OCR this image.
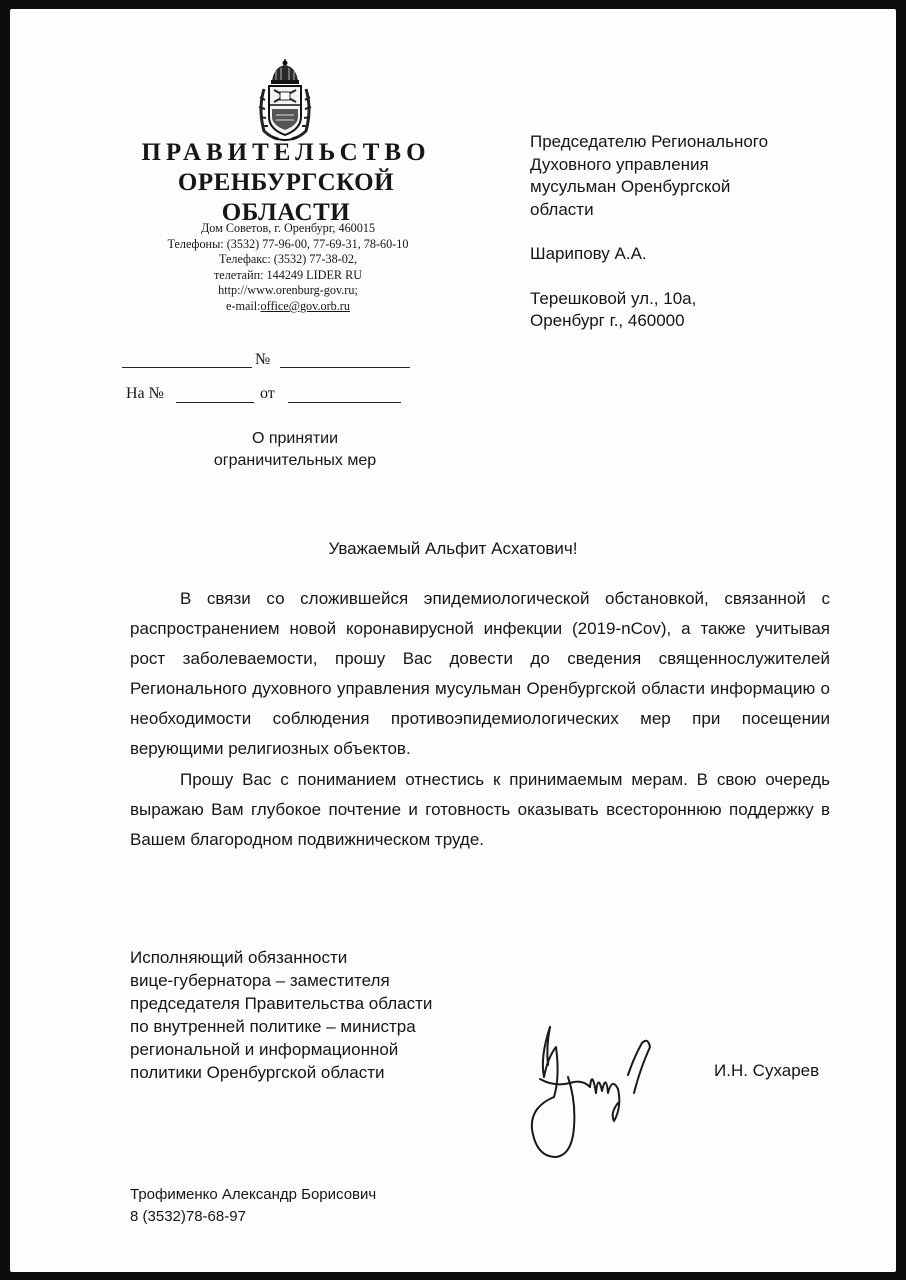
ПРАВИТЕЛЬСТВО
ОРЕНБУРГСКОЙ
ОБЛАСТИ
Дом Советов, г. Оренбург, 460015
Телефоны: (3532) 77-96-00, 77-69-31, 78-60-10
Телефакс: (3532) 77-38-02,
телетайп: 144249 LIDER RU
http://www.orenburg-gov.ru;
e-mail:office@gov.orb.ru
№
На №	от
О принятии
ограничительных мер
Председателю Регионального
Духовного управления
мусульман Оренбургской
области
Шарипову А.А.
Терешковой ул., 10а,
Оренбург г., 460000
Уважаемый Альфит Асхатович!

В связи со сложившейся эпидемиологической обстановкой, связанной с распространением новой коронавирусной инфекции (2019-nCov), а также учитывая рост заболеваемости, прошу Вас довести до сведения священнослужителей Регионального духовного управления мусульман Оренбургской области информацию о необходимости соблюдения противоэпидемиологических мер при посещении верующими религиозных объектов.

Прошу Вас с пониманием отнестись к принимаемым мерам. В свою очередь выражаю Вам глубокое почтение и готовность оказывать всестороннюю поддержку в Вашем благородном подвижническом труде.

Исполняющий обязанности
вице-губернатора – заместителя
председателя Правительства области
по внутренней политике – министра
региональной и информационной
политики Оренбургской области	И.Н. Сухарев
Трофименко Александр Борисович
8 (3532)78-68-97
